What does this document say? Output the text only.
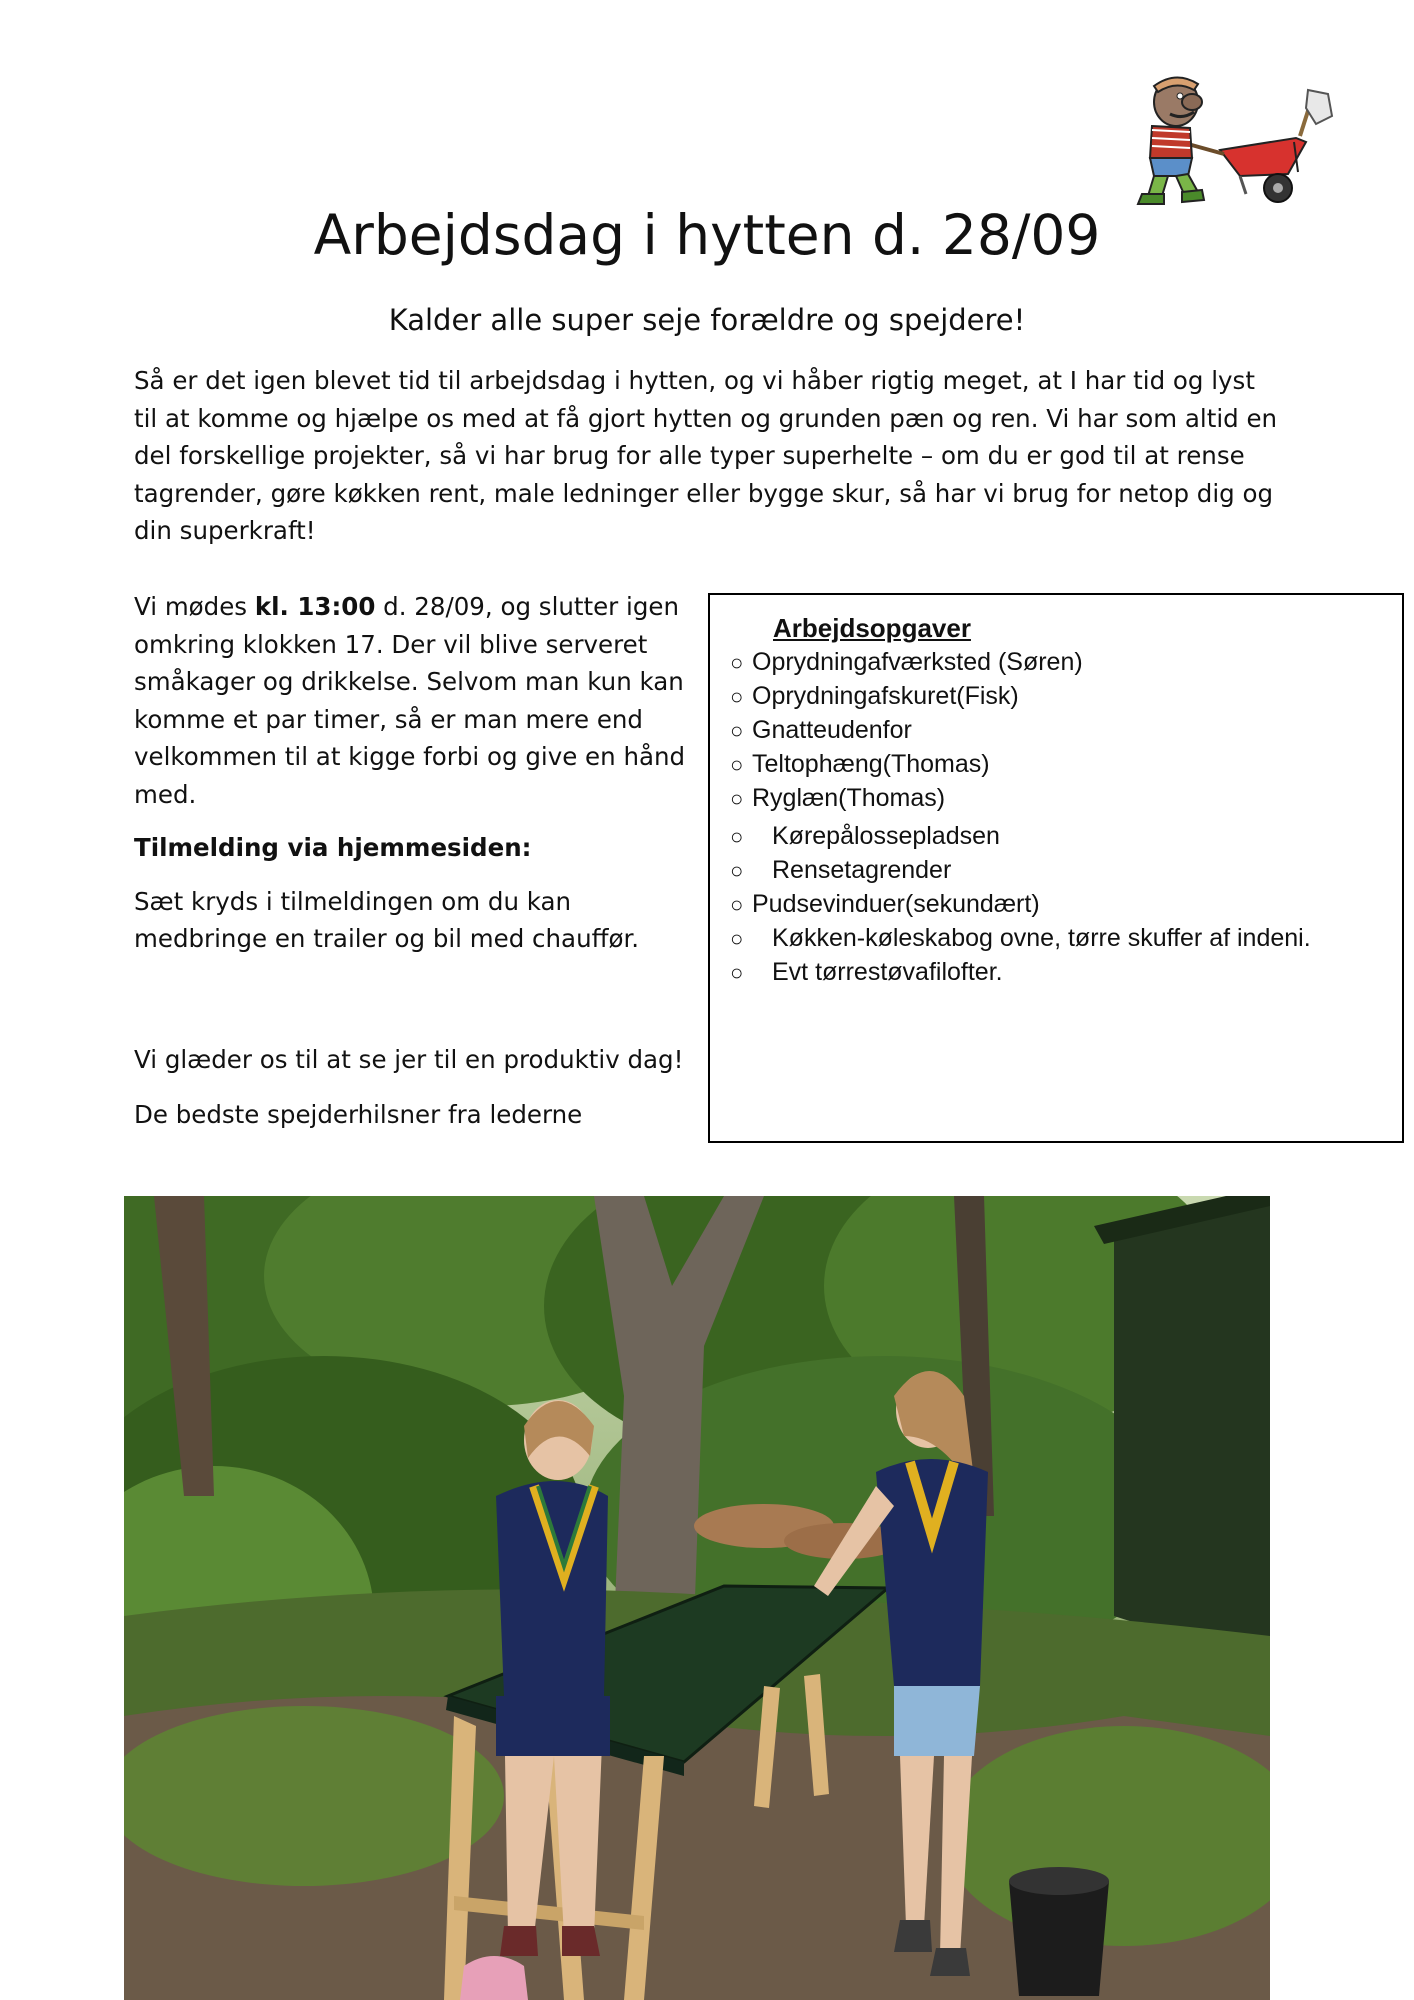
Arbejdsdag i hytten d. 28/09

Kalder alle super seje forældre og spejdere!

Så er det igen blevet tid til arbejdsdag i hytten, og vi håber rigtig meget, at I har tid og lyst til at komme og hjælpe os med at få gjort hytten og grunden pæn og ren. Vi har som altid en del forskellige projekter, så vi har brug for alle typer superhelte – om du er god til at rense tagrender, gøre køkken rent, male ledninger eller bygge skur, så har vi brug for netop dig og din superkraft!

Vi mødes kl. 13:00 d. 28/09, og slutter igen omkring klokken 17. Der vil blive serveret småkager og drikkelse. Selvom man kun kan komme et par timer, så er man mere end velkommen til at kigge forbi og give en hånd med.

Tilmelding via hjemmesiden:

Sæt kryds i tilmeldingen om du kan medbringe en trailer og bil med chauffør.

Vi glæder os til at se jer til en produktiv dag!

De bedste spejderhilsner fra lederne

Arbejdsopgaver

○ Oprydningafværksted (Søren)
○ Oprydningafskuret(Fisk)
○ Gnatteudenfor
○ Teltophæng(Thomas)
○ Ryglæn(Thomas)
○ Kørepålossepladsen
○ Rensetagrender
○ Pudsevinduer(sekundært)
○ Køkken-køleskabog ovne, tørre skuffer af indeni.
○ Evt tørrestøvafilofter.
